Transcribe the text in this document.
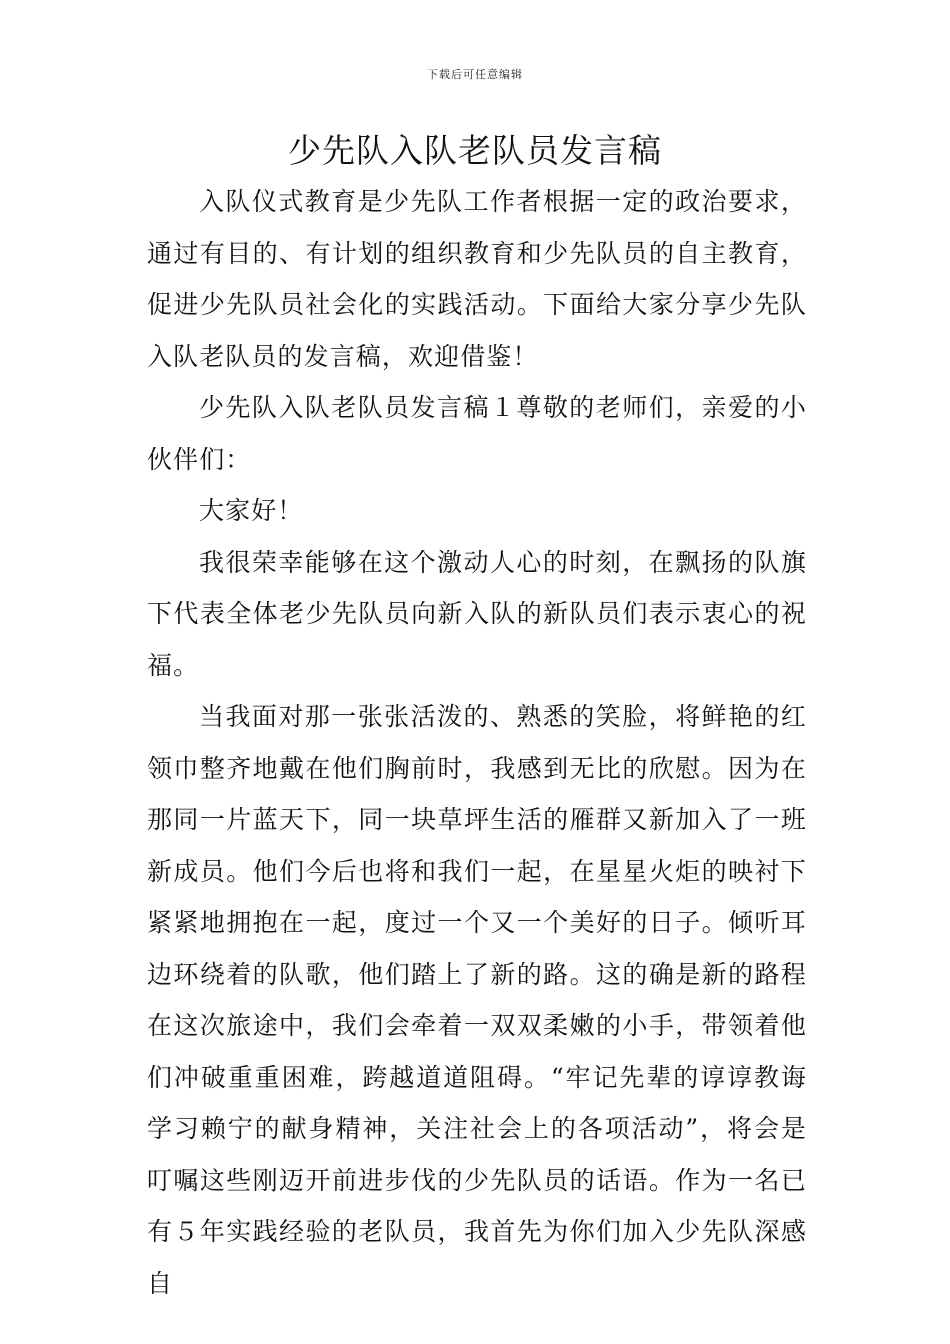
下载后可任意编辑
少先队入队老队员发言稿

入队仪式教育是少先队工作者根据一定的政治要求，通过有目的、有计划的组织教育和少先队员的自主教育，促进少先队员社会化的实践活动。下面给大家分享少先队入队老队员的发言稿，欢迎借鉴！

少先队入队老队员发言稿１尊敬的老师们，亲爱的小伙伴们：

大家好！

我很荣幸能够在这个激动人心的时刻，在飘扬的队旗下代表全体老少先队员向新入队的新队员们表示衷心的祝福。

当我面对那一张张活泼的、熟悉的笑脸，将鲜艳的红领巾整齐地戴在他们胸前时，我感到无比的欣慰。因为在那同一片蓝天下，同一块草坪生活的雁群又新加入了一班新成员。他们今后也将和我们一起，在星星火炬的映衬下紧紧地拥抱在一起，度过一个又一个美好的日子。倾听耳边环绕着的队歌，他们踏上了新的路。这的确是新的路程在这次旅途中，我们会牵着一双双柔嫩的小手，带领着他们冲破重重困难，跨越道道阻碍。“牢记先辈的谆谆教诲学习赖宁的献身精神，关注社会上的各项活动”，将会是叮嘱这些刚迈开前进步伐的少先队员的话语。作为一名已有５年实践经验的老队员，我首先为你们加入少先队深感自
